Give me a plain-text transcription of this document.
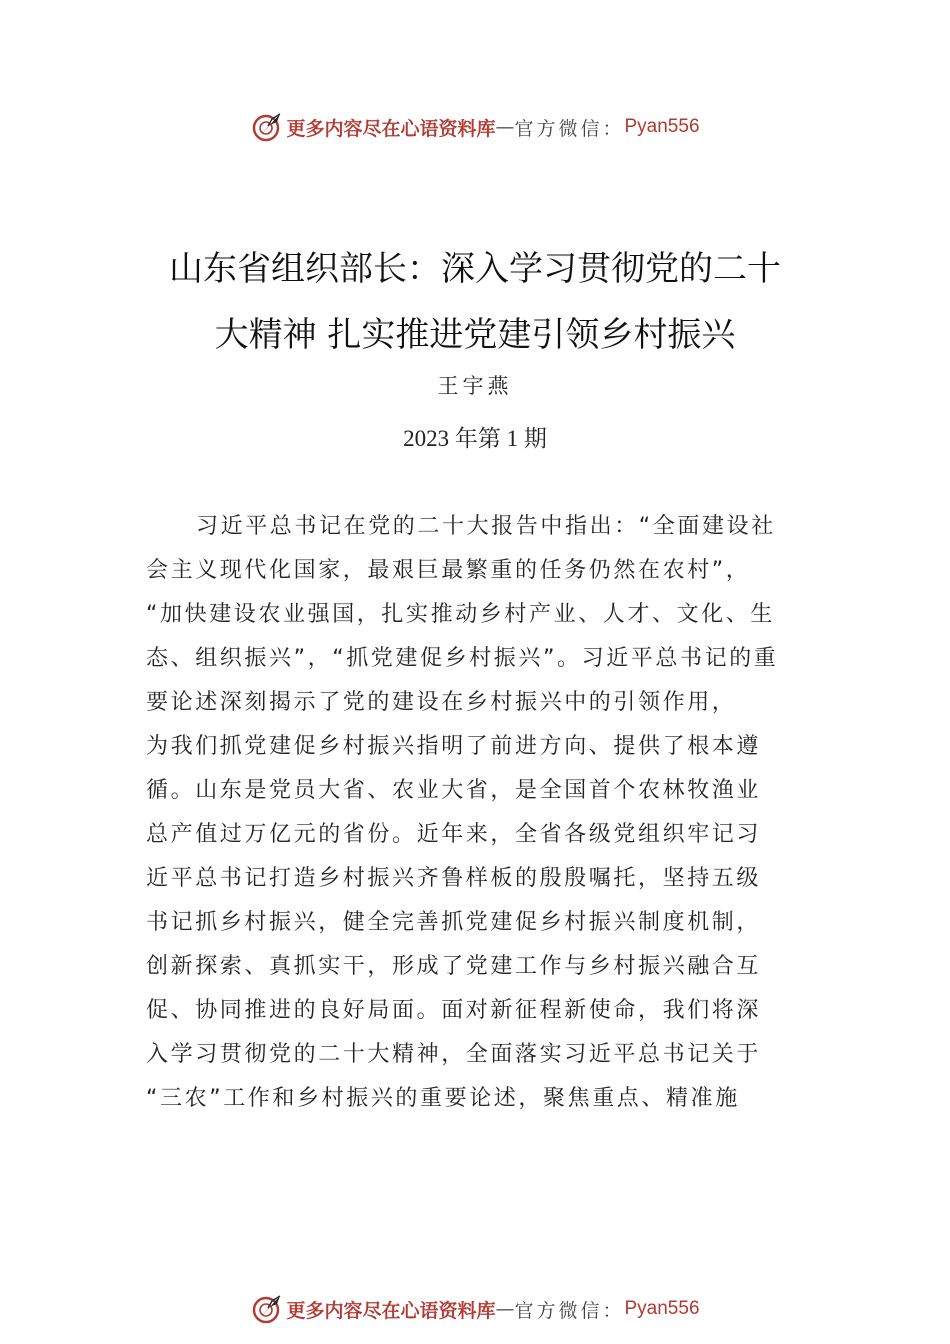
更多内容尽在心语资料库 — 官方微信： Pyan556
山东省组织部长：深入学习贯彻党的二十
大精神 扎实推进党建引领乡村振兴
王宇燕
2023 年第 1 期
习近平总书记在党的二十大报告中指出：“全面建设社
会主义现代化国家，最艰巨最繁重的任务仍然在农村”，
“加快建设农业强国，扎实推动乡村产业、人才、文化、生
态、组织振兴”，“抓党建促乡村振兴”。习近平总书记的重
要论述深刻揭示了党的建设在乡村振兴中的引领作用，
为我们抓党建促乡村振兴指明了前进方向、提供了根本遵
循。山东是党员大省、农业大省，是全国首个农林牧渔业
总产值过万亿元的省份。近年来，全省各级党组织牢记习
近平总书记打造乡村振兴齐鲁样板的殷殷嘱托，坚持五级
书记抓乡村振兴，健全完善抓党建促乡村振兴制度机制，
创新探索、真抓实干，形成了党建工作与乡村振兴融合互
促、协同推进的良好局面。面对新征程新使命，我们将深
入学习贯彻党的二十大精神，全面落实习近平总书记关于
“三农”工作和乡村振兴的重要论述，聚焦重点、精准施
更多内容尽在心语资料库 — 官方微信： Pyan556
